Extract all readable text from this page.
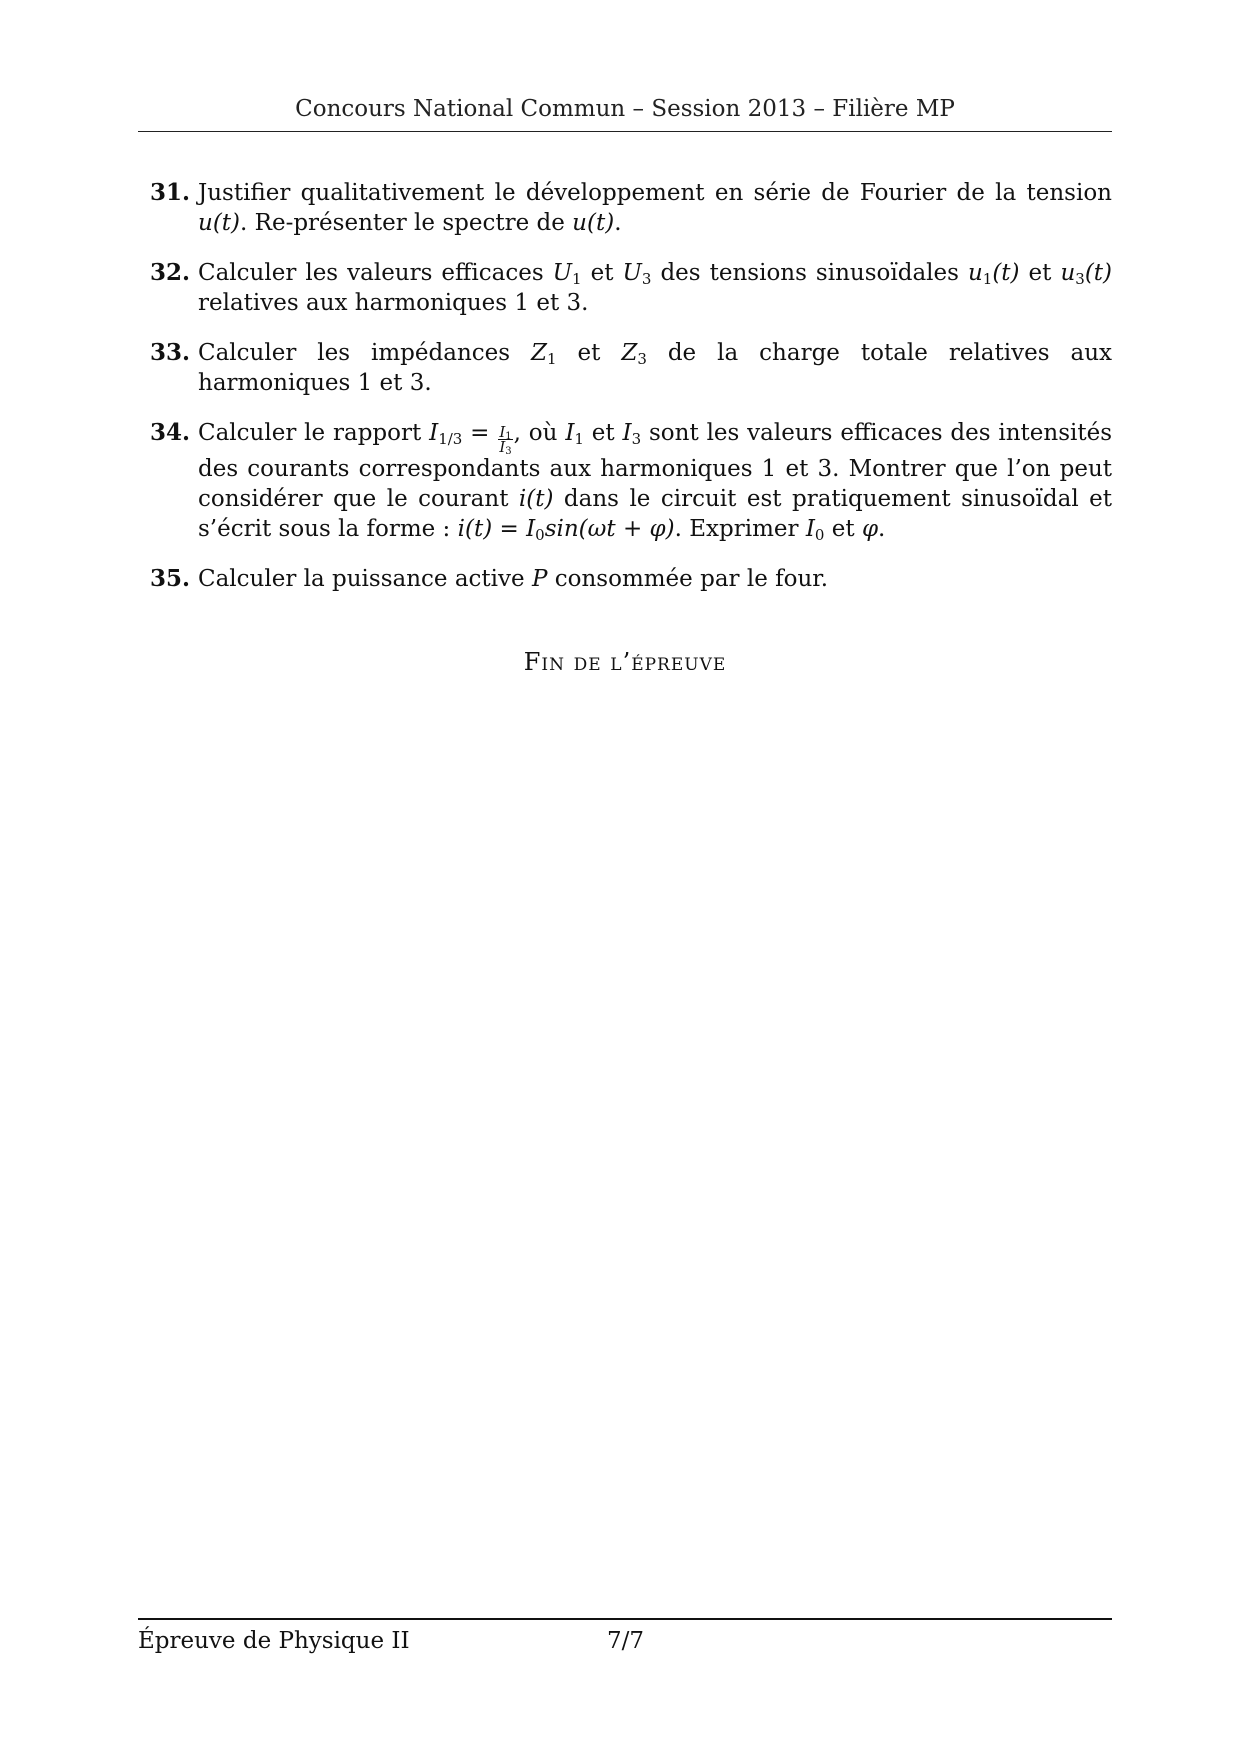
Concours National Commun – Session 2013 – Filière MP
31. Justifier qualitativement le développement en série de Fourier de la tension u(t). Re-présenter le spectre de u(t).
32. Calculer les valeurs efficaces $U_1$ et $U_3$ des tensions sinusoïdales $u_1(t)$ et $u_3(t)$ relatives aux harmoniques 1 et 3.
33. Calculer les impédances $Z_1$ et $Z_3$ de la charge totale relatives aux harmoniques 1 et 3.
34. Calculer le rapport $I_{1/3} = \frac{I_1}{I_3}$ , où $I_1$ et $I_3$ sont les valeurs efficaces des intensités des courants correspondants aux harmoniques 1 et 3. Montrer que l’on peut considérer que le courant i(t) dans le circuit est pratiquement sinusoïdal et s’écrit sous la forme : $i(t) = I_0\sin(\omega t + \varphi)$. Exprimer $I_0$ et φ.
35. Calculer la puissance active P consommée par le four.
Fin de l’épreuve
Épreuve de Physique II	7/7
